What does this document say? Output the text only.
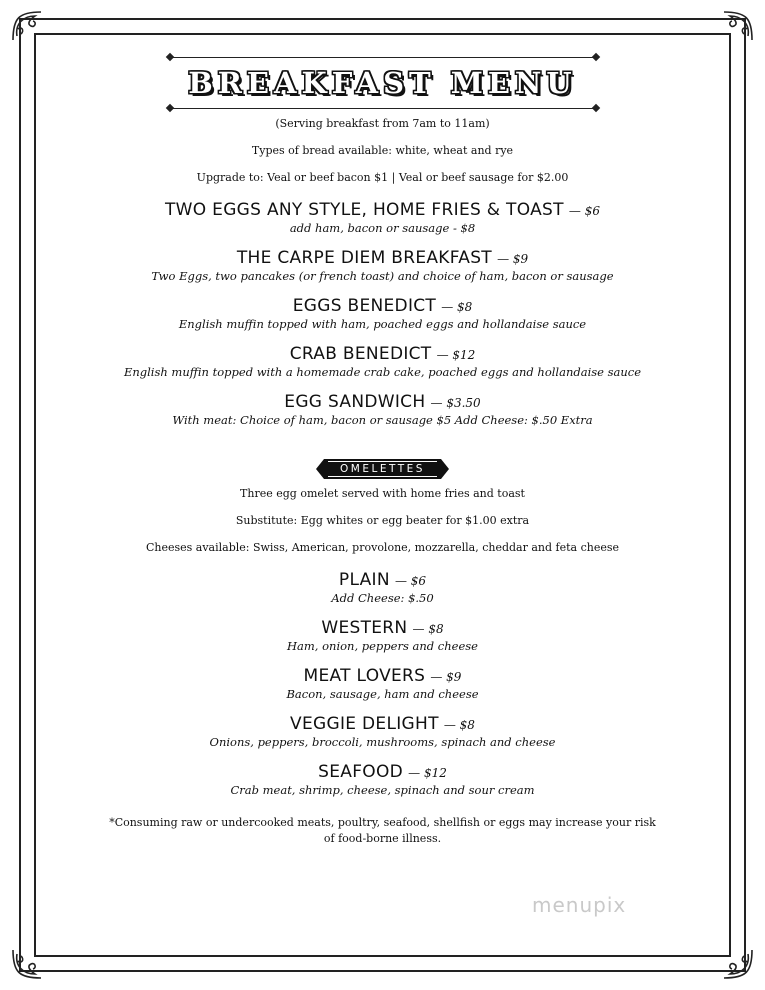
BREAKFAST MENU

(Serving breakfast from 7am to 11am)

Types of bread available: white, wheat and rye

Upgrade to: Veal or beef bacon $1 | Veal or beef sausage for $2.00

TWO EGGS ANY STYLE, HOME FRIES & TOAST — $6
add ham, bacon or sausage - $8
THE CARPE DIEM BREAKFAST — $9
Two Eggs, two pancakes (or french toast) and choice of ham, bacon or sausage
EGGS BENEDICT — $8
English muffin topped with ham, poached eggs and hollandaise sauce
CRAB BENEDICT — $12
English muffin topped with a homemade crab cake, poached eggs and hollandaise sauce
EGG SANDWICH — $3.50
With meat: Choice of ham, bacon or sausage $5 Add Cheese: $.50 Extra
OMELETTES

Three egg omelet served with home fries and toast

Substitute: Egg whites or egg beater for $1.00 extra

Cheeses available: Swiss, American, provolone, mozzarella, cheddar and feta cheese

PLAIN — $6
Add Cheese: $.50
WESTERN — $8
Ham, onion, peppers and cheese
MEAT LOVERS — $9
Bacon, sausage, ham and cheese
VEGGIE DELIGHT — $8
Onions, peppers, broccoli, mushrooms, spinach and cheese
SEAFOOD — $12
Crab meat, shrimp, cheese, spinach and sour cream

*Consuming raw or undercooked meats, poultry, seafood, shellfish or eggs may increase your risk of food-borne illness.

menupix
